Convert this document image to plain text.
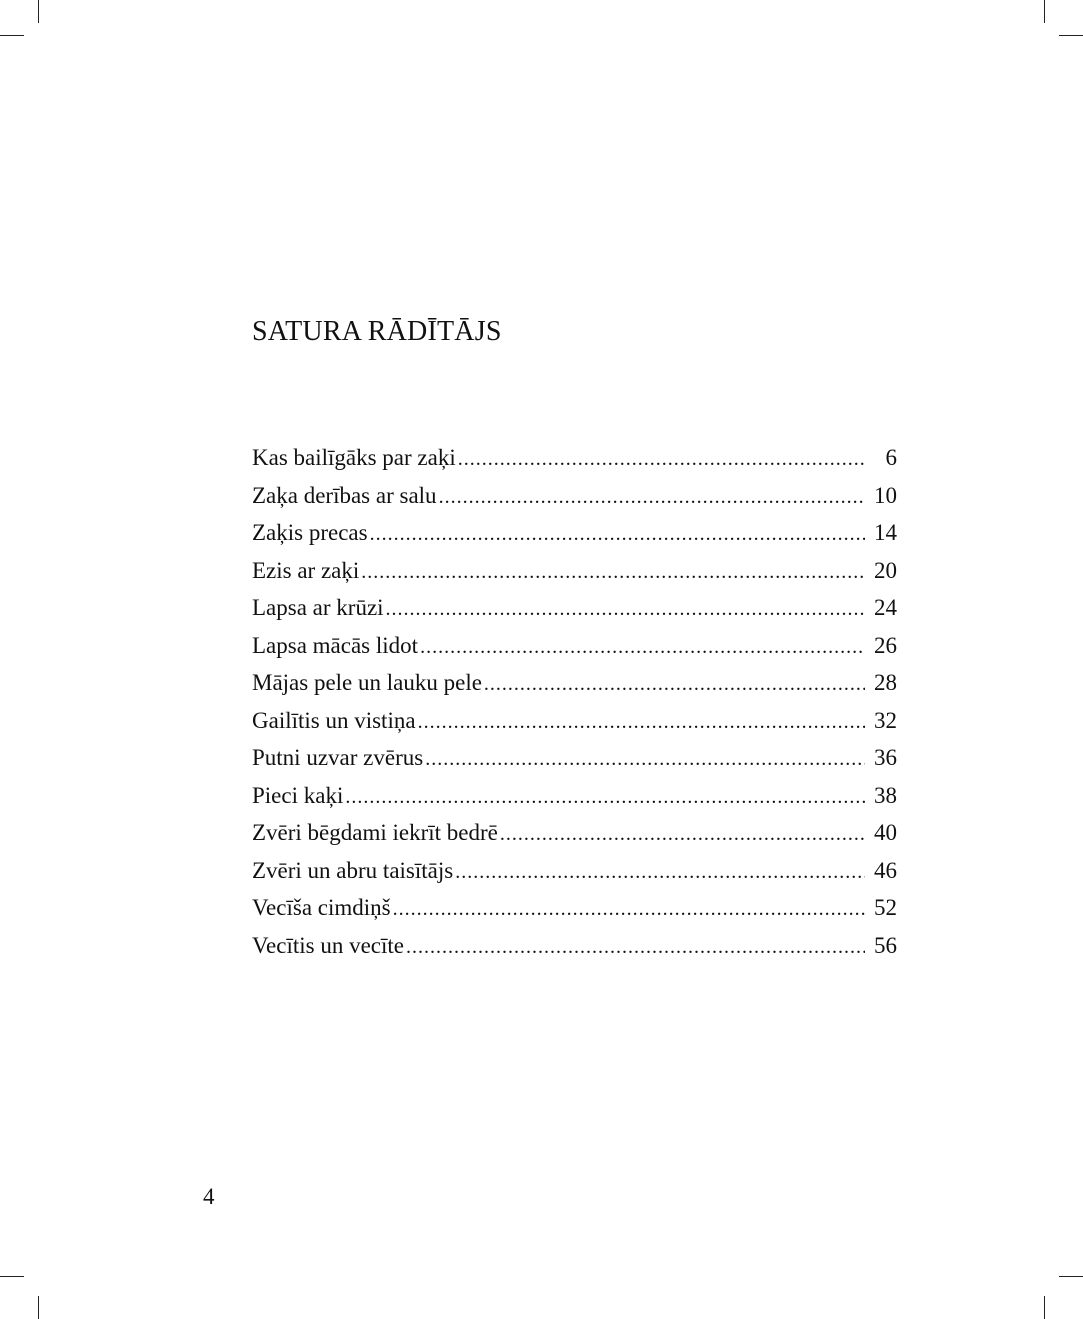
SATURA RĀDĪTĀJS
Kas bailīgāks par zaķi .....	6
Zaķa derības ar salu .....	10
Zaķis precas .....	14
Ezis ar zaķi .....	20
Lapsa ar krūzi .....	24
Lapsa mācās lidot .....	26
Mājas pele un lauku pele .....	28
Gailītis un vistiņa .....	32
Putni uzvar zvērus .....	36
Pieci kaķi .....	38
Zvēri bēgdami iekrīt bedrē .....	40
Zvēri un abru taisītājs .....	46
Vecīša cimdiņš .....	52
Vecītis un vecīte .....	56
4
